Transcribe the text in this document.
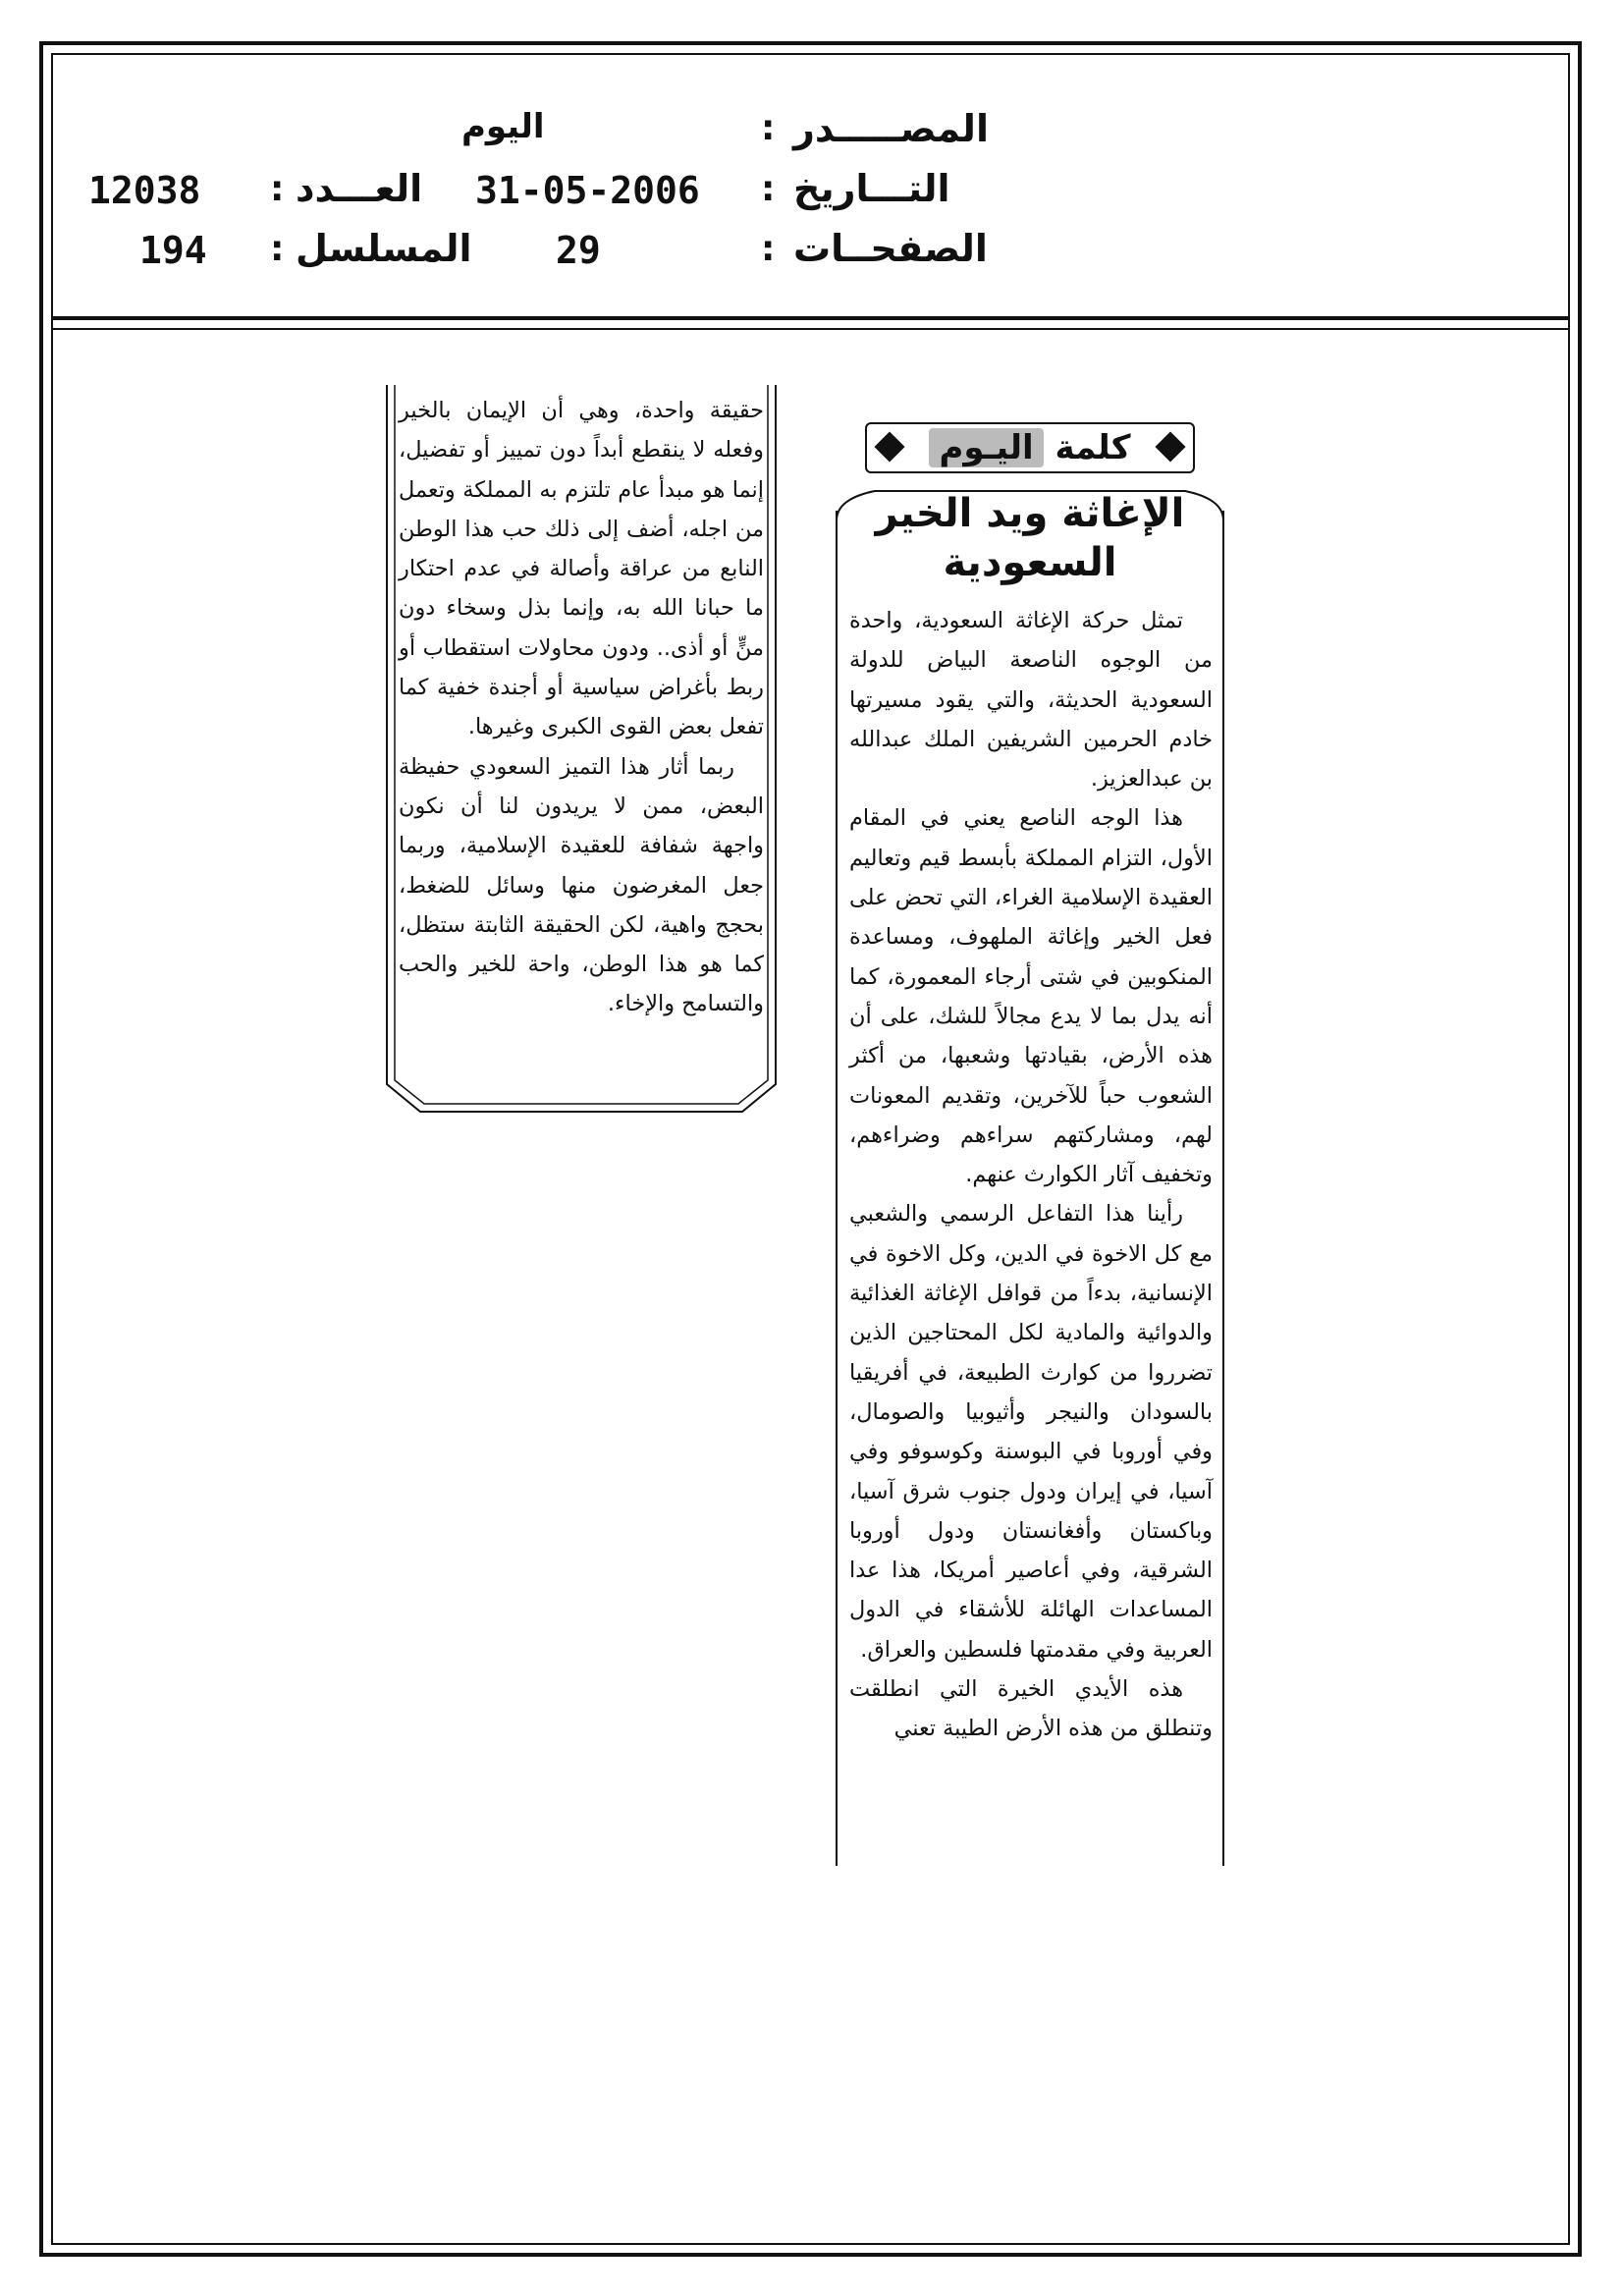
المصـــــدر
:
اليوم
التـــاريخ
:
31-05-2006
العـــدد
:
12038
الصفحــات
:
29
المسلسل
:
194
كلمة اليـوم
الإغاثة ويد الخير السعودية

تمثل حركة الإغاثة السعودية، واحدة من الوجوه الناصعة البياض للدولة السعودية الحديثة، والتي يقود مسيرتها خادم الحرمين الشريفين الملك عبدالله بن عبدالعزيز.

هذا الوجه الناصع يعني في المقام الأول، التزام المملكة بأبسط قيم وتعاليم العقيدة الإسلامية الغراء، التي تحض على فعل الخير وإغاثة الملهوف، ومساعدة المنكوبين في شتى أرجاء المعمورة، كما أنه يدل بما لا يدع مجالاً للشك، على أن هذه الأرض، بقيادتها وشعبها، من أكثر الشعوب حباً للآخرين، وتقديم المعونات لهم، ومشاركتهم سراءهم وضراءهم، وتخفيف آثار الكوارث عنهم.

رأينا هذا التفاعل الرسمي والشعبي مع كل الاخوة في الدين، وكل الاخوة في الإنسانية، بدءاً من قوافل الإغاثة الغذائية والدوائية والمادية لكل المحتاجين الذين تضرروا من كوارث الطبيعة، في أفريقيا بالسودان والنيجر وأثيوبيا والصومال، وفي أوروبا في البوسنة وكوسوفو وفي آسيا، في إيران ودول جنوب شرق آسيا، وباكستان وأفغانستان ودول أوروبا الشرقية، وفي أعاصير أمريكا، هذا عدا المساعدات الهائلة للأشقاء في الدول العربية وفي مقدمتها فلسطين والعراق.

هذه الأيدي الخيرة التي انطلقت وتنطلق من هذه الأرض الطيبة تعني

حقيقة واحدة، وهي أن الإيمان بالخير وفعله لا ينقطع أبداً دون تمييز أو تفضيل، إنما هو مبدأ عام تلتزم به المملكة وتعمل من اجله، أضف إلى ذلك حب هذا الوطن النابع من عراقة وأصالة في عدم احتكار ما حبانا الله به، وإنما بذل وسخاء دون منٍّ أو أذى.. ودون محاولات استقطاب أو ربط بأغراض سياسية أو أجندة خفية كما تفعل بعض القوى الكبرى وغيرها.

ربما أثار هذا التميز السعودي حفيظة البعض، ممن لا يريدون لنا أن نكون واجهة شفافة للعقيدة الإسلامية، وربما جعل المغرضون منها وسائل للضغط، بحجج واهية، لكن الحقيقة الثابتة ستظل، كما هو هذا الوطن، واحة للخير والحب والتسامح والإخاء.
